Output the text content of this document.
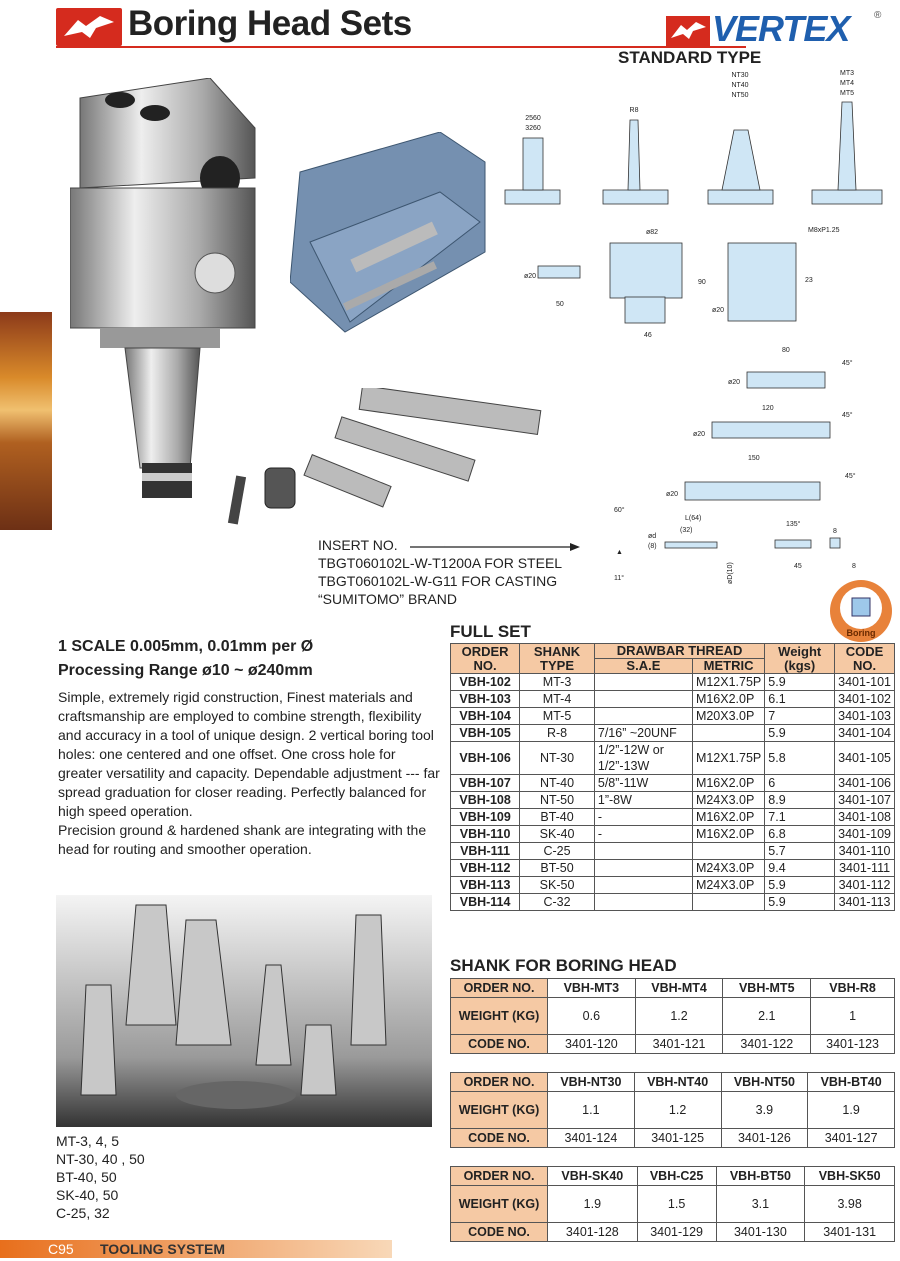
Boring Head Sets	VERTEX ®
STANDARD TYPE
2560
3260
R8
NT30
NT40
NT50
MT3
MT4
MT5
ø82	M8xP1.25
ø20
50
90
ø20
23
46
80
45°
ø20
120
45°
ø20
150
45°
ø20
60°
L(64)
(32)
135°
8
ød
(8)
▲
11°	øD(10)	45	8
INSERT NO.
TBGT060102L-W-T1200A FOR STEEL
TBGT060102L-W-G11 FOR CASTING
“SUMITOMO” BRAND
Boring
1 SCALE 0.005mm, 0.01mm per Ø
Processing Range ø10 ~ ø240mm

Simple, extremely rigid construction, Finest materials and craftsmanship are employed to combine strength, flexibility and accuracy in a tool of unique design. 2 vertical boring tool holes: one centered and one offset. One cross hole for greater versatility and capacity. Dependable adjustment --- far spread graduation for closer reading. Perfectly balanced for high speed operation.

Precision ground & hardened shank are integrating with the head for routing and smoother operation.

MT-3, 4, 5
NT-30, 40 , 50
BT-40, 50
SK-40, 50
C-25, 32
C95 TOOLING SYSTEM
FULL SET
ORDER NO.	SHANK TYPE	DRAWBAR THREAD		Weight (kgs)	CODE NO.
		S.A.E	METRIC		
VBH-102	MT-3		M12X1.75P	5.9	3401-101
VBH-103	MT-4		M16X2.0P	6.1	3401-102
VBH-104	MT-5		M20X3.0P	7	3401-103
VBH-105	R-8	7/16” ~20UNF		5.9	3401-104
VBH-106	NT-30	1/2”-12W or 1/2”-13W	M12X1.75P	5.8	3401-105
VBH-107	NT-40	5/8”-11W	M16X2.0P	6	3401-106
VBH-108	NT-50	1”-8W	M24X3.0P	8.9	3401-107
VBH-109	BT-40	-	M16X2.0P	7.1	3401-108
VBH-110	SK-40	-	M16X2.0P	6.8	3401-109
VBH-111	C-25			5.7	3401-110
VBH-112	BT-50		M24X3.0P	9.4	3401-111
VBH-113	SK-50		M24X3.0P	5.9	3401-112
VBH-114	C-32			5.9	3401-113
SHANK FOR BORING HEAD
ORDER NO.	VBH-MT3	VBH-MT4	VBH-MT5	VBH-R8
WEIGHT (KG)	0.6	1.2	2.1	1
CODE NO.	3401-120	3401-121	3401-122	3401-123
ORDER NO.	VBH-NT30	VBH-NT40	VBH-NT50	VBH-BT40
WEIGHT (KG)	1.1	1.2	3.9	1.9
CODE NO.	3401-124	3401-125	3401-126	3401-127
ORDER NO.	VBH-SK40	VBH-C25	VBH-BT50	VBH-SK50
WEIGHT (KG)	1.9	1.5	3.1	3.98
CODE NO.	3401-128	3401-129	3401-130	3401-131
